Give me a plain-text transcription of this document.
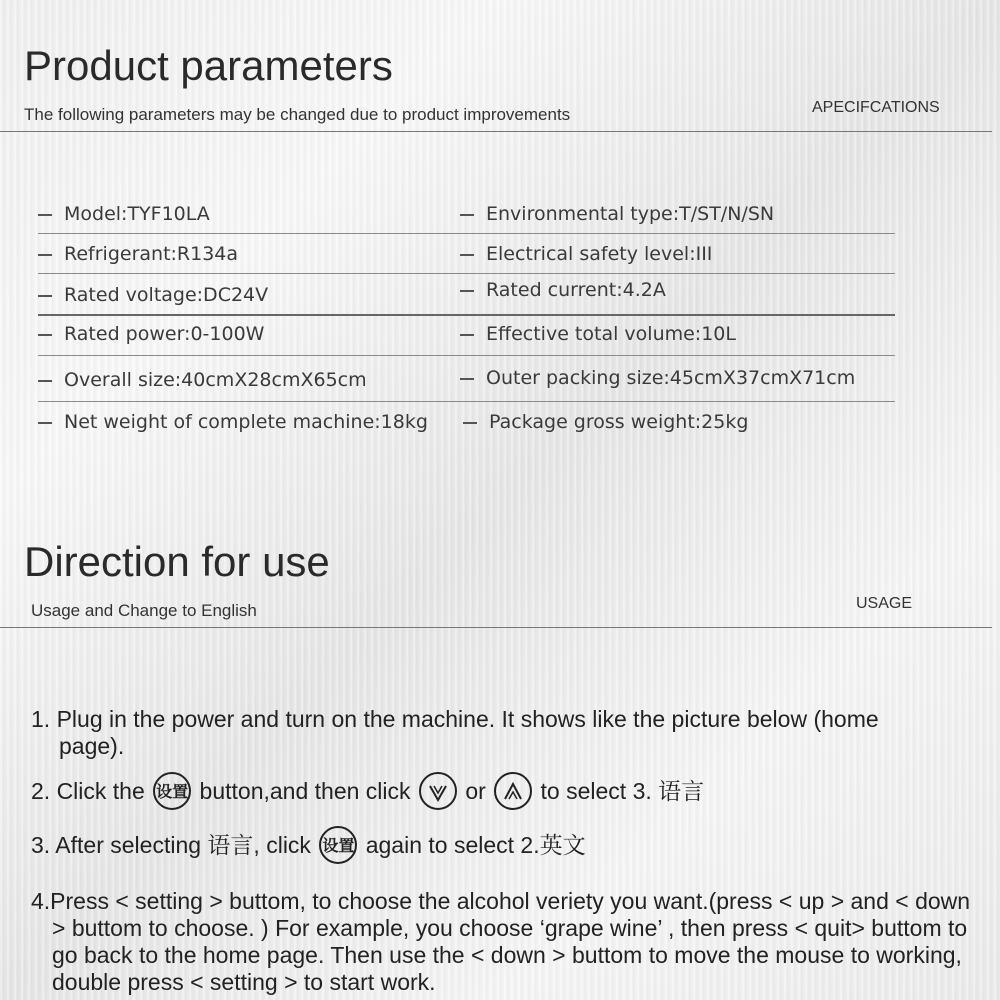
Product parameters
The following parameters may be changed due to product improvements	APECIFCATIONS
Model:TYF10LA	Environmental type:T/ST/N/SN
Refrigerant:R134a	Electrical safety level:III
Rated voltage:DC24V	Rated current:4.2A
Rated power:0-100W	Effective total volume:10L
Overall size:40cmX28cmX65cm	Outer packing size:45cmX37cmX71cm
Net weight of complete machine:18kg	Package gross weight:25kg
Direction for use
Usage and Change to English	USAGE
1. Plug in the power and turn on the machine. It shows like the picture below (home page).
2. Click the 设置 button,and then click or to select 3. 语言
3. After selecting 语言, click 设置 again to select 2.英文
4.Press < setting > buttom, to choose the alcohol veriety you want.(press < up > and < down > buttom to choose. ) For example, you choose ‘grape wine’ , then press < quit> buttom to go back to the home page. Then use the < down > buttom to move the mouse to working, double press < setting > to start work.
